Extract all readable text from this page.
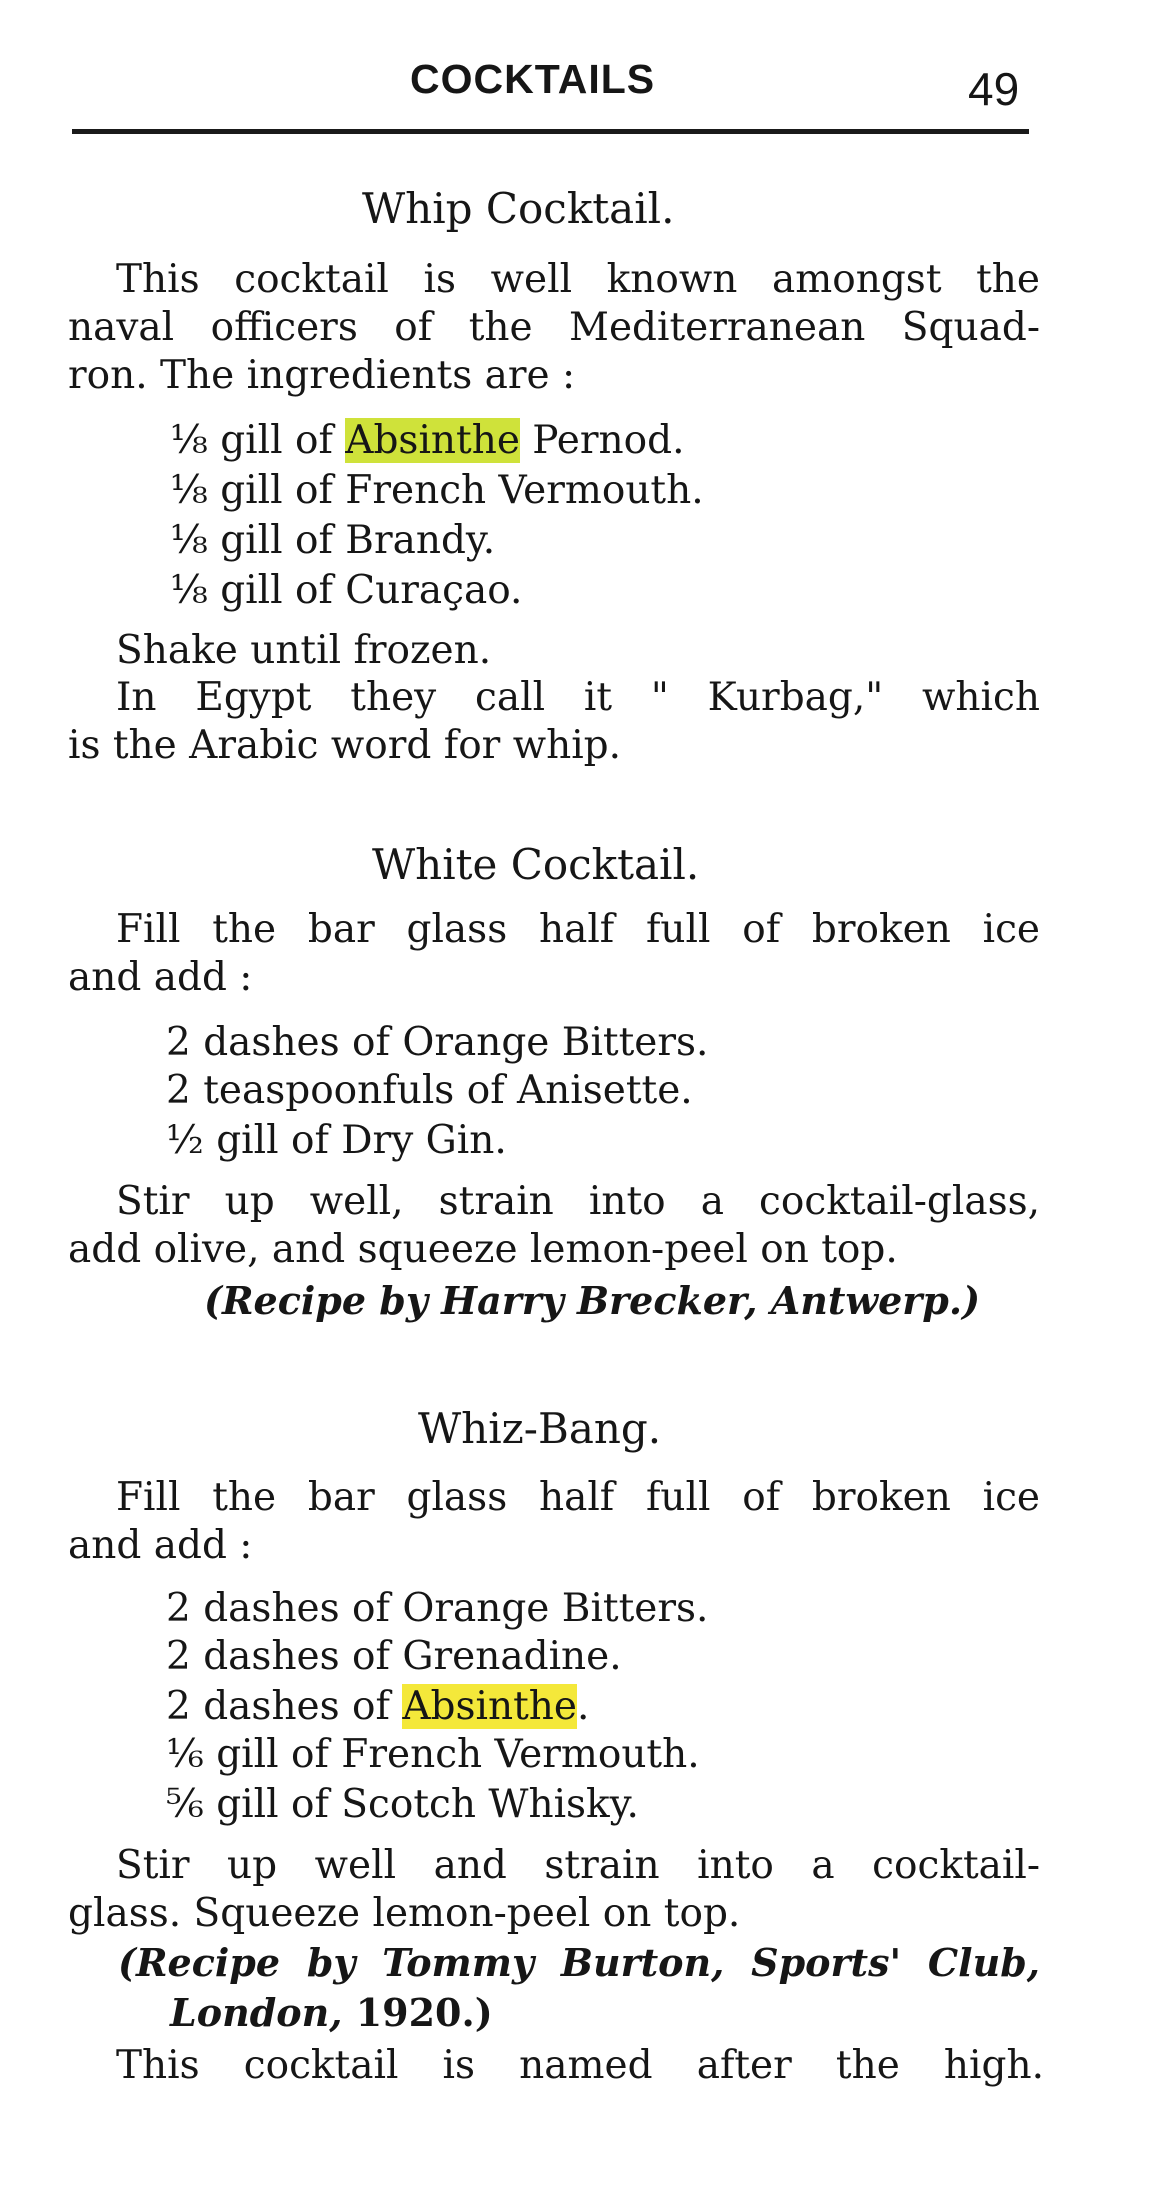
COCKTAILS	49
Whip Cocktail.
This cocktail is well known amongst the
naval officers of the Mediterranean Squad-
ron. The ingredients are :
⅛ gill of Absinthe Pernod.
⅛ gill of French Vermouth.
⅛ gill of Brandy.
⅛ gill of Curaçao.
Shake until frozen.
In Egypt they call it " Kurbag," which
is the Arabic word for whip.
White Cocktail.
Fill the bar glass half full of broken ice
and add :
2 dashes of Orange Bitters.
2 teaspoonfuls of Anisette.
½ gill of Dry Gin.
Stir up well, strain into a cocktail-glass,
add olive, and squeeze lemon-peel on top.
(Recipe by Harry Brecker, Antwerp.)
Whiz-Bang.
Fill the bar glass half full of broken ice
and add :
2 dashes of Orange Bitters.
2 dashes of Grenadine.
2 dashes of Absinthe.
⅙ gill of French Vermouth.
⅚ gill of Scotch Whisky.
Stir up well and strain into a cocktail-
glass. Squeeze lemon-peel on top.
(Recipe by Tommy Burton, Sports' Club,
London, 1920.)
This cocktail is named after the high.
